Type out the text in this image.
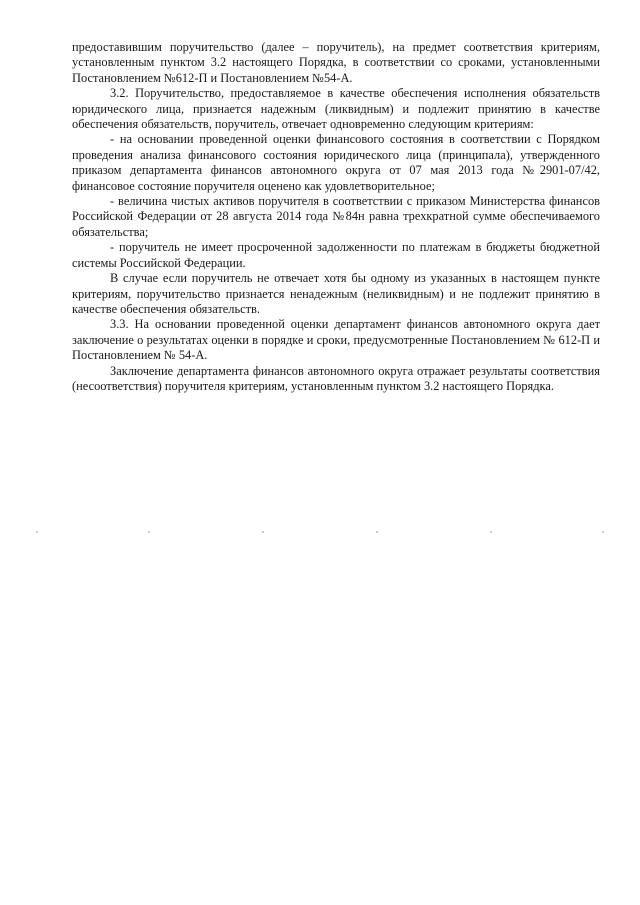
предоставившим поручительство (далее – поручитель), на предмет соответствия критериям, установленным пунктом 3.2 настоящего Порядка, в соответствии со сроками, установленными Постановлением №612-П и Постановлением №54-А.

3.2. Поручительство, предоставляемое в качестве обеспечения исполнения обязательств юридического лица, признается надежным (ликвидным) и подлежит принятию в качестве обеспечения обязательств, поручитель, отвечает одновременно следующим критериям:

- на основании проведенной оценки финансового состояния в соответствии с Порядком проведения анализа финансового состояния юридического лица (принципала), утвержденного приказом департамента финансов автономного округа от 07 мая 2013 года №2901-07/42, финансовое состояние поручителя оценено как удовлетворительное;

- величина чистых активов поручителя в соответствии с приказом Министерства финансов Российской Федерации от 28 августа 2014 года №84н равна трехкратной сумме обеспечиваемого обязательства;

- поручитель не имеет просроченной задолженности по платежам в бюджеты бюджетной системы Российской Федерации.

В случае если поручитель не отвечает хотя бы одному из указанных в настоящем пункте критериям, поручительство признается ненадежным (неликвидным) и не подлежит принятию в качестве обеспечения обязательств.

3.3. На основании проведенной оценки департамент финансов автономного округа дает заключение о результатах оценки в порядке и сроки, предусмотренные Постановлением № 612-П и Постановлением № 54-А.

Заключение департамента финансов автономного округа отражает результаты соответствия (несоответствия) поручителя критериям, установленным пунктом 3.2 настоящего Порядка.
